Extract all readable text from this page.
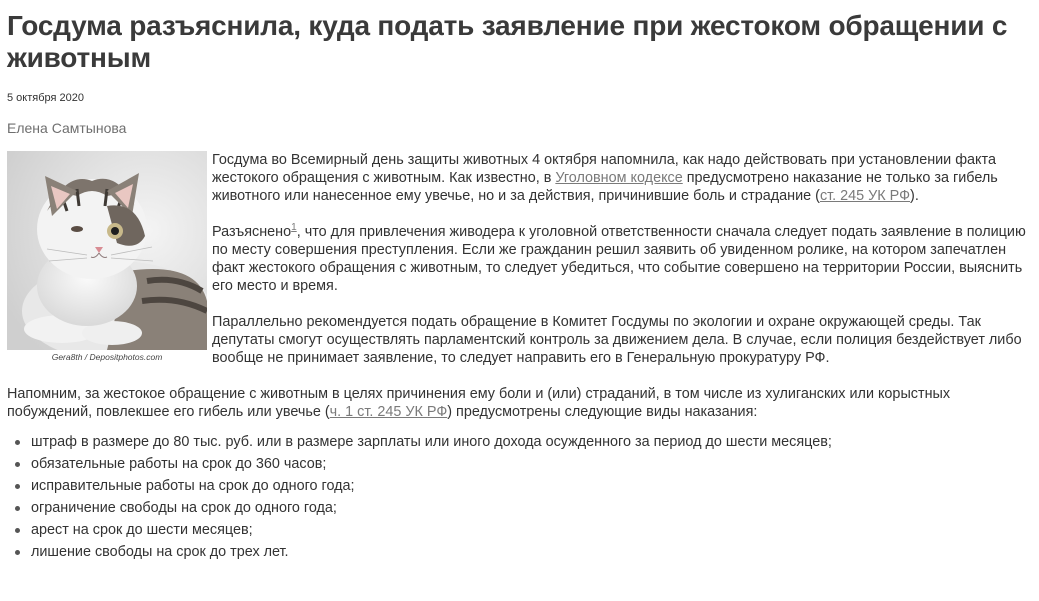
Госдума разъяснила, куда подать заявление при жестоком обращении с животным
5 октября 2020
Елена Самтынова
Gera8th / Depositphotos.com

Госдума во Всемирный день защиты животных 4 октября напомнила, как надо действовать при установлении факта жестокого обращения с животным. Как известно, в Уголовном кодексе предусмотрено наказание не только за гибель животного или нанесенное ему увечье, но и за действия, причинившие боль и страдание (ст. 245 УК РФ).

Разъяснено$^1$, что для привлечения живодера к уголовной ответственности сначала следует подать заявление в полицию по месту совершения преступления. Если же гражданин решил заявить об увиденном ролике, на котором запечатлен факт жестокого обращения с животным, то следует убедиться, что событие совершено на территории России, выяснить его место и время.

Параллельно рекомендуется подать обращение в Комитет Госдумы по экологии и охране окружающей среды. Так депутаты смогут осуществлять парламентский контроль за движением дела. В случае, если полиция бездействует либо вообще не принимает заявление, то следует направить его в Генеральную прокуратуру РФ.

Напомним, за жестокое обращение с животным в целях причинения ему боли и (или) страданий, в том числе из хулиганских или корыстных побуждений, повлекшее его гибель или увечье (ч. 1 ст. 245 УК РФ) предусмотрены следующие виды наказания:

штраф в размере до 80 тыс. руб. или в размере зарплаты или иного дохода осужденного за период до шести месяцев;
обязательные работы на срок до 360 часов;
исправительные работы на срок до одного года;
ограничение свободы на срок до одного года;
арест на срок до шести месяцев;
лишение свободы на срок до трех лет.
